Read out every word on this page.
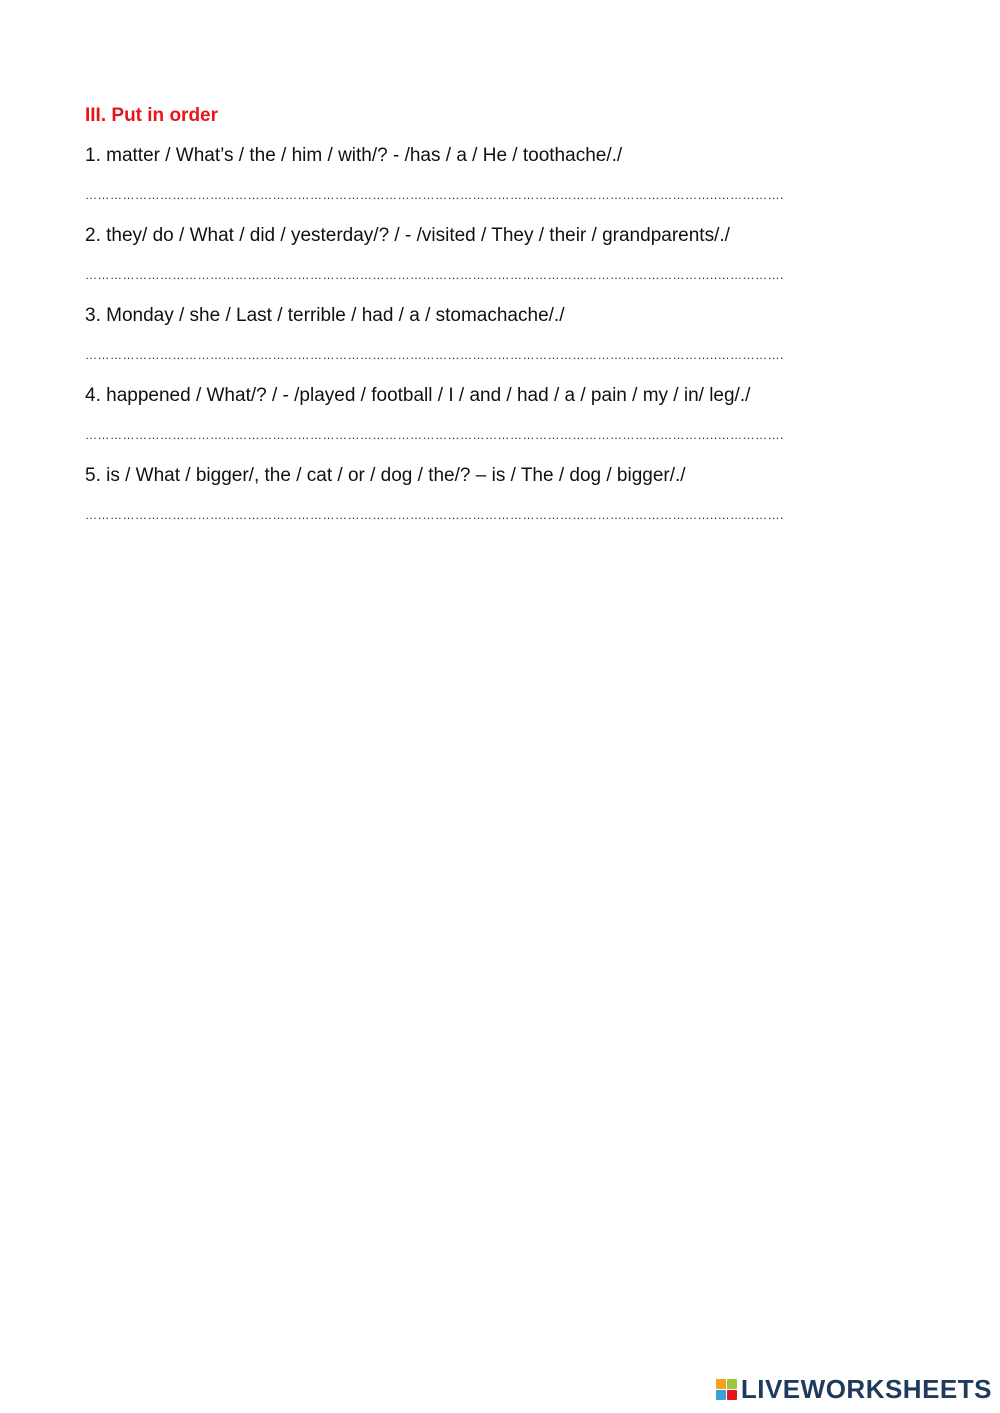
III. Put in order
1. matter / What’s / the / him / with/? - /has / a / He / toothache/./
……………………………………………………………………………………………………………………………………..…………….
2. they/ do / What / did / yesterday/? / - /visited / They / their / grandparents/./
……………………………………………………………………………………………………………………………………..…………….
3. Monday / she / Last / terrible / had / a / stomachache/./
……………………………………………………………………………………………………………………………………..…………….
4. happened / What/? / - /played / football / I / and / had / a / pain / my / in/ leg/./
……………………………………………………………………………………………………………………………………..…………….
5. is / What / bigger/, the / cat / or / dog / the/? – is / The / dog / bigger/./
……………………………………………………………………………………………………………………………………..…………….
LIVEWORKSHEETS
